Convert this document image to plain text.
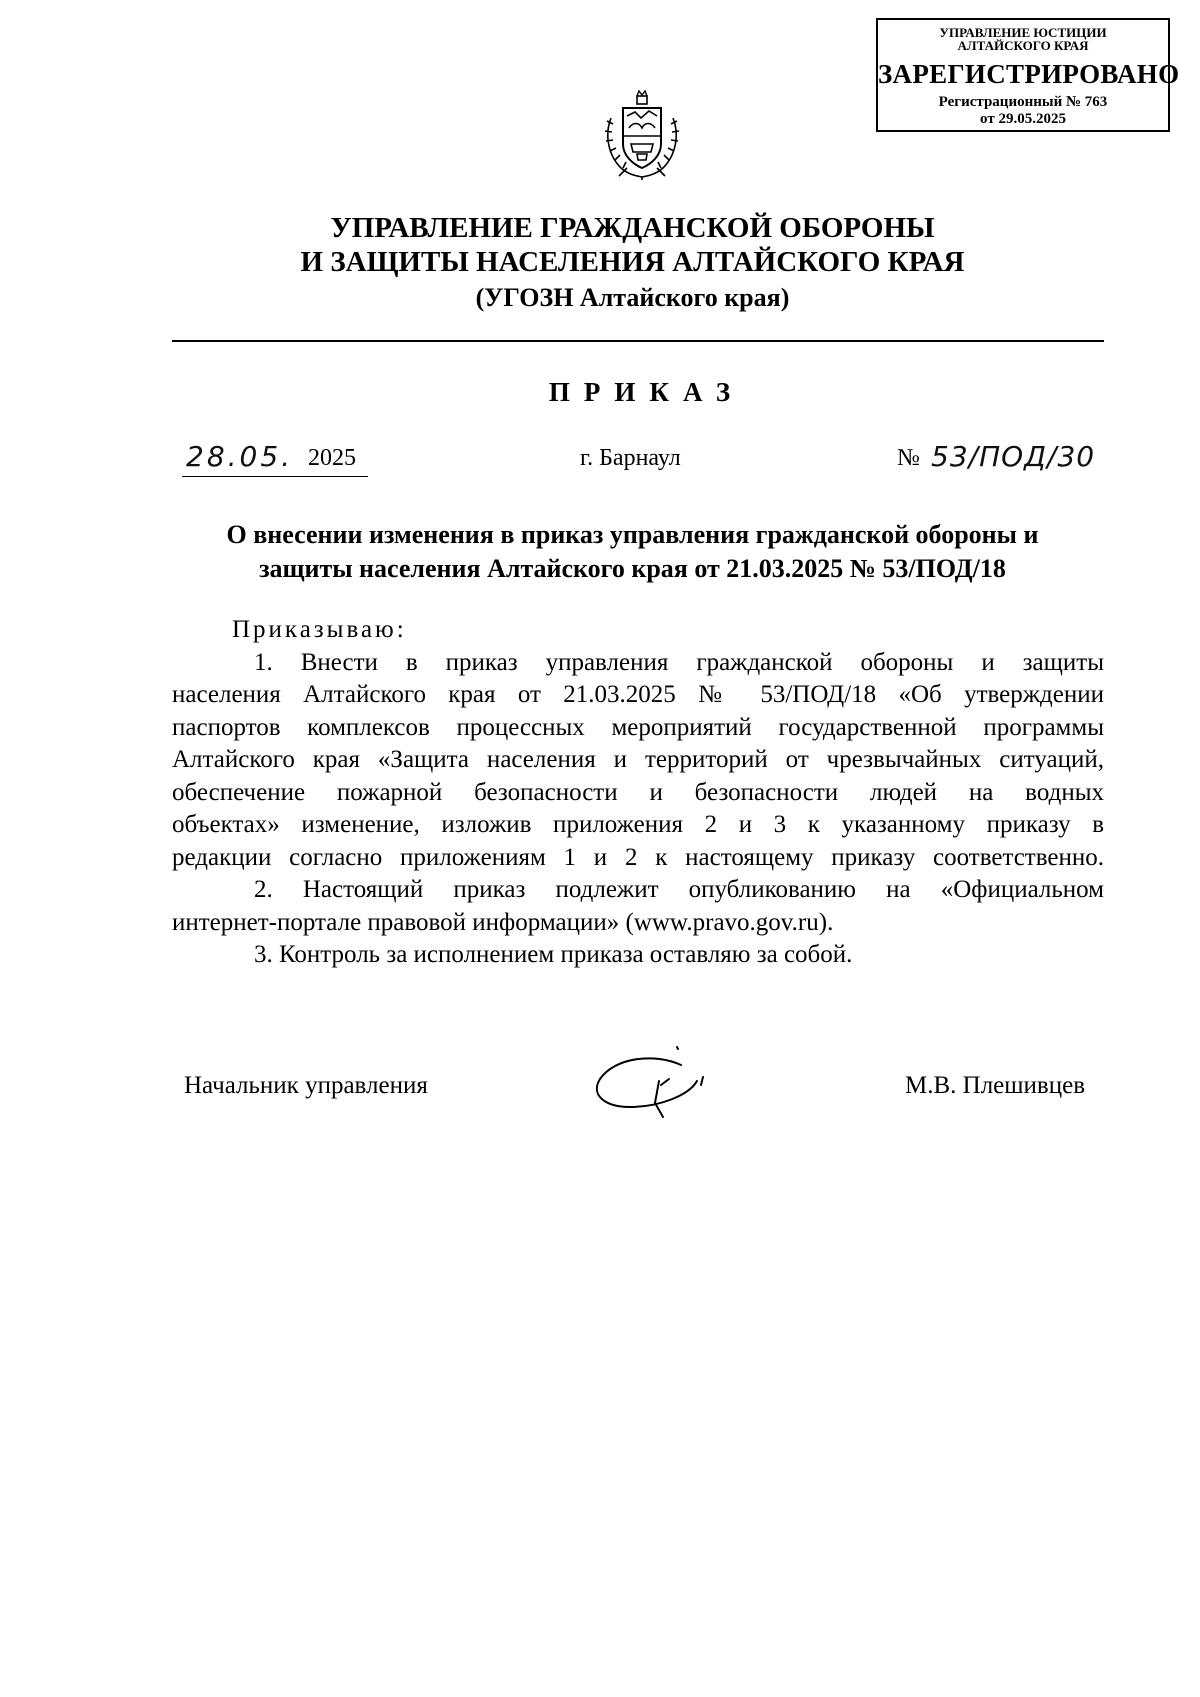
УПРАВЛЕНИЕ ЮСТИЦИИ
АЛТАЙСКОГО КРАЯ
ЗАРЕГИСТРИРОВАНО
Регистрационный № 763
от 29.05.2025
УПРАВЛЕНИЕ ГРАЖДАНСКОЙ ОБОРОНЫ
И ЗАЩИТЫ НАСЕЛЕНИЯ АЛТАЙСКОГО КРАЯ
(УГОЗН Алтайского края)
ПРИКАЗ
28.05. 2025	г. Барнаул	№ 53/ПОД/30
О внесении изменения в приказ управления гражданской обороны и
защиты населения Алтайского края от 21.03.2025 № 53/ПОД/18
Приказываю:
1. Внести в приказ управления гражданской обороны и защиты
населения Алтайского края от 21.03.2025 № 53/ПОД/18 «Об утверждении
паспортов комплексов процессных мероприятий государственной программы
Алтайского края «Защита населения и территорий от чрезвычайных ситуаций,
обеспечение пожарной безопасности и безопасности людей на водных
объектах» изменение, изложив приложения 2 и 3 к указанному приказу в
редакции согласно приложениям 1 и 2 к настоящему приказу соответственно.
2. Настоящий приказ подлежит опубликованию на «Официальном
интернет-портале правовой информации» (www.pravo.gov.ru).
3. Контроль за исполнением приказа оставляю за собой.
Начальник управления	М.В. Плешивцев
